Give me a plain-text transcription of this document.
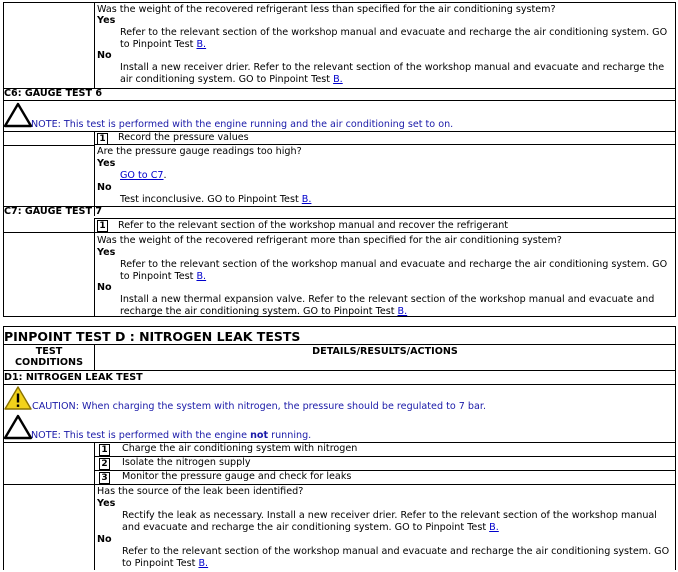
Was the weight of the recovered refrigerant less than specified for the air conditioning system?
Yes
Refer to the relevant section of the workshop manual and evacuate and recharge the air conditioning system. GO to Pinpoint Test B.
No
Install a new receiver drier. Refer to the relevant section of the workshop manual and evacuate and recharge the air conditioning system. GO to Pinpoint Test B.
C6: GAUGE TEST 6
NOTE: This test is performed with the engine running and the air conditioning set to on.
1 Record the pressure values
Are the pressure gauge readings too high?
Yes
GO to C7.
No
Test inconclusive. GO to Pinpoint Test B.
C7: GAUGE TEST 7
1 Refer to the relevant section of the workshop manual and recover the refrigerant
Was the weight of the recovered refrigerant more than specified for the air conditioning system?
Yes
Refer to the relevant section of the workshop manual and evacuate and recharge the air conditioning system. GO to Pinpoint Test B.
No
Install a new thermal expansion valve. Refer to the relevant section of the workshop manual and evacuate and recharge the air conditioning system. GO to Pinpoint Test B.
PINPOINT TEST D : NITROGEN LEAK TESTS
TEST CONDITIONS
DETAILS/RESULTS/ACTIONS
D1: NITROGEN LEAK TEST
CAUTION: When charging the system with nitrogen, the pressure should be regulated to 7 bar.
NOTE: This test is performed with the engine not running.
1 Charge the air conditioning system with nitrogen
2 Isolate the nitrogen supply
3 Monitor the pressure gauge and check for leaks
Has the source of the leak been identified?
Yes
Rectify the leak as necessary. Install a new receiver drier. Refer to the relevant section of the workshop manual and evacuate and recharge the air conditioning system. GO to Pinpoint Test B.
No
Refer to the relevant section of the workshop manual and evacuate and recharge the air conditioning system. GO to Pinpoint Test B.
